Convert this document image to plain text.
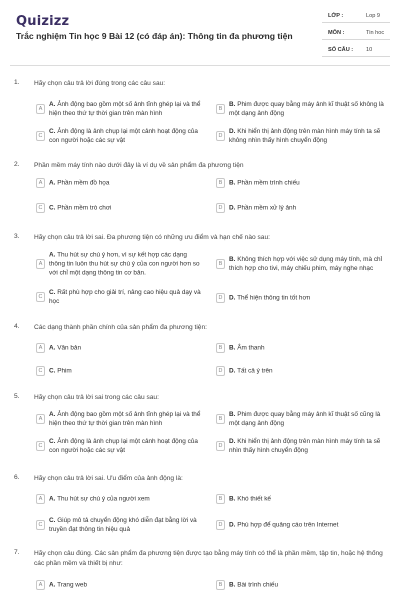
Quizizz
Trắc nghiệm Tin học 9 Bài 12 (có đáp án): Thông tin đa phương tiện
LỚP :	Lop 9
MÔN :	Tin hoc
SỐ CÂU : 10
1. Hãy chọn câu trả lời đúng trong các câu sau:
A
A. Ảnh động bao gồm một số ảnh tĩnh ghép lại và thể hiện theo thứ tự thời gian trên màn hình
B
B. Phim được quay bằng máy ảnh kĩ thuật số không là một dạng ảnh động
C
C. Ảnh động là ảnh chụp lại một cảnh hoạt động của con người hoặc các sự vật
D
D. Khi hiển thị ảnh động trên màn hình máy tính ta sẽ không nhìn thấy hình chuyển động
2. Phần mềm máy tính nào dưới đây là ví dụ về sản phẩm đa phương tiện
A	A. Phần mềm đồ họa	B	B. Phần mềm trình chiếu
C	C. Phần mềm trò chơi	D	D. Phần mềm xử lý ảnh
3. Hãy chọn câu trả lời sai. Đa phương tiện có những ưu điểm và hạn chế nào sau:
A
A. Thu hút sự chú ý hơn, vì sự kết hợp các dạng thông tin luôn thu hút sự chú ý của con người hơn so với chỉ một dạng thông tin cơ bản.
B
B. Không thích hợp với việc sử dụng máy tính, mà chỉ thích hợp cho tivi, máy chiếu phim, máy nghe nhạc
C
C. Rất phù hợp cho giải trí, nâng cao hiệu quả dạy và học	D	D. Thể hiện thông tin tốt hơn
4. Các dạng thành phần chính của sản phẩm đa phương tiện:
A	A. Văn bản	B	B. Âm thanh
C	C. Phim	D	D. Tất cả ý trên
5. Hãy chọn câu trả lời sai trong các câu sau:
A
A. Ảnh động bao gồm một số ảnh tĩnh ghép lại và thể hiện theo thứ tự thời gian trên màn hình
B
B. Phim được quay bằng máy ảnh kĩ thuật số cũng là một dạng ảnh động
C
C. Ảnh động là ảnh chụp lại một cảnh hoạt động của con người hoặc các sự vật
D
D. Khi hiển thị ảnh động trên màn hình máy tính ta sẽ nhìn thấy hình chuyển động
6. Hãy chọn câu trả lời sai. Ưu điểm của ảnh động là:
A	A. Thu hút sự chú ý của người xem	B	B. Khó thiết kế
C
C. Giúp mô tả chuyển động khó diễn đạt bằng lời và truyền đạt thông tin hiệu quả
D	D. Phù hợp để quảng cáo trên Internet
7. Hãy chọn câu đúng. Các sản phẩm đa phương tiện được tạo bằng máy tính có thể là phần mềm, tập tin, hoặc hệ thống các phần mềm và thiết bị như:
A	A. Trang web	B	B. Bài trình chiếu
